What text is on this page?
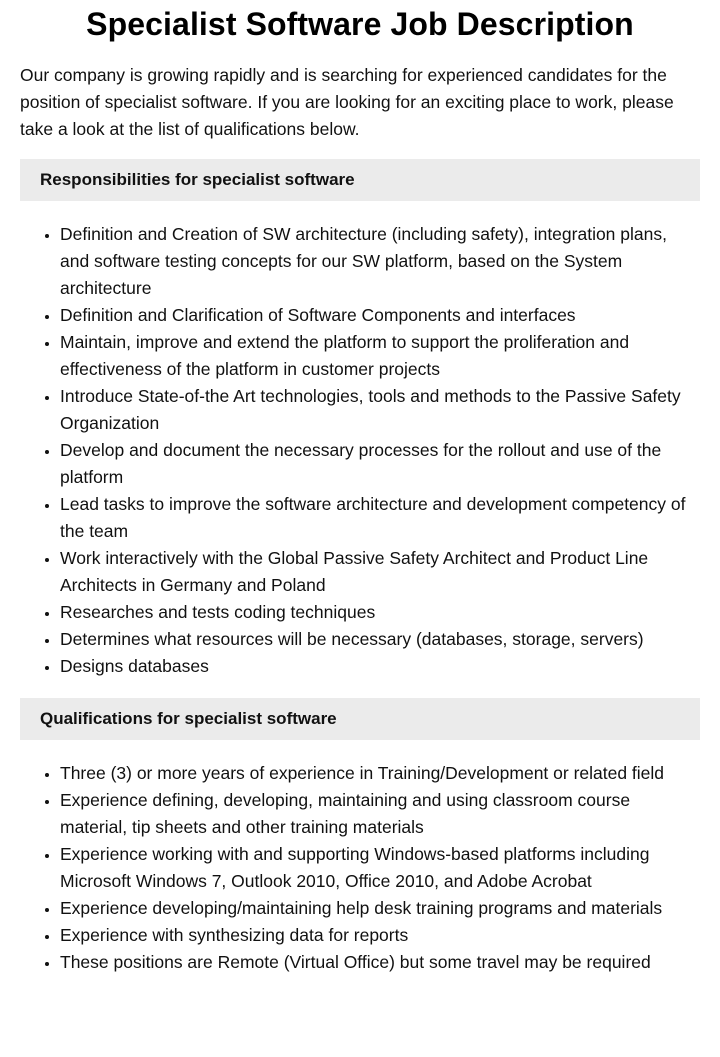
Specialist Software Job Description

Our company is growing rapidly and is searching for experienced candidates for the position of specialist software. If you are looking for an exciting place to work, please take a look at the list of qualifications below.

Responsibilities for specialist software
• Definition and Creation of SW architecture (including safety), integration plans, and software testing concepts for our SW platform, based on the System architecture
• Definition and Clarification of Software Components and interfaces
• Maintain, improve and extend the platform to support the proliferation and effectiveness of the platform in customer projects
• Introduce State-of-the Art technologies, tools and methods to the Passive Safety Organization
• Develop and document the necessary processes for the rollout and use of the platform
• Lead tasks to improve the software architecture and development competency of the team
• Work interactively with the Global Passive Safety Architect and Product Line Architects in Germany and Poland
• Researches and tests coding techniques
• Determines what resources will be necessary (databases, storage, servers)
• Designs databases
Qualifications for specialist software
• Three (3) or more years of experience in Training/Development or related field
• Experience defining, developing, maintaining and using classroom course material, tip sheets and other training materials
• Experience working with and supporting Windows-based platforms including Microsoft Windows 7, Outlook 2010, Office 2010, and Adobe Acrobat
• Experience developing/maintaining help desk training programs and materials
• Experience with synthesizing data for reports
• These positions are Remote (Virtual Office) but some travel may be required
